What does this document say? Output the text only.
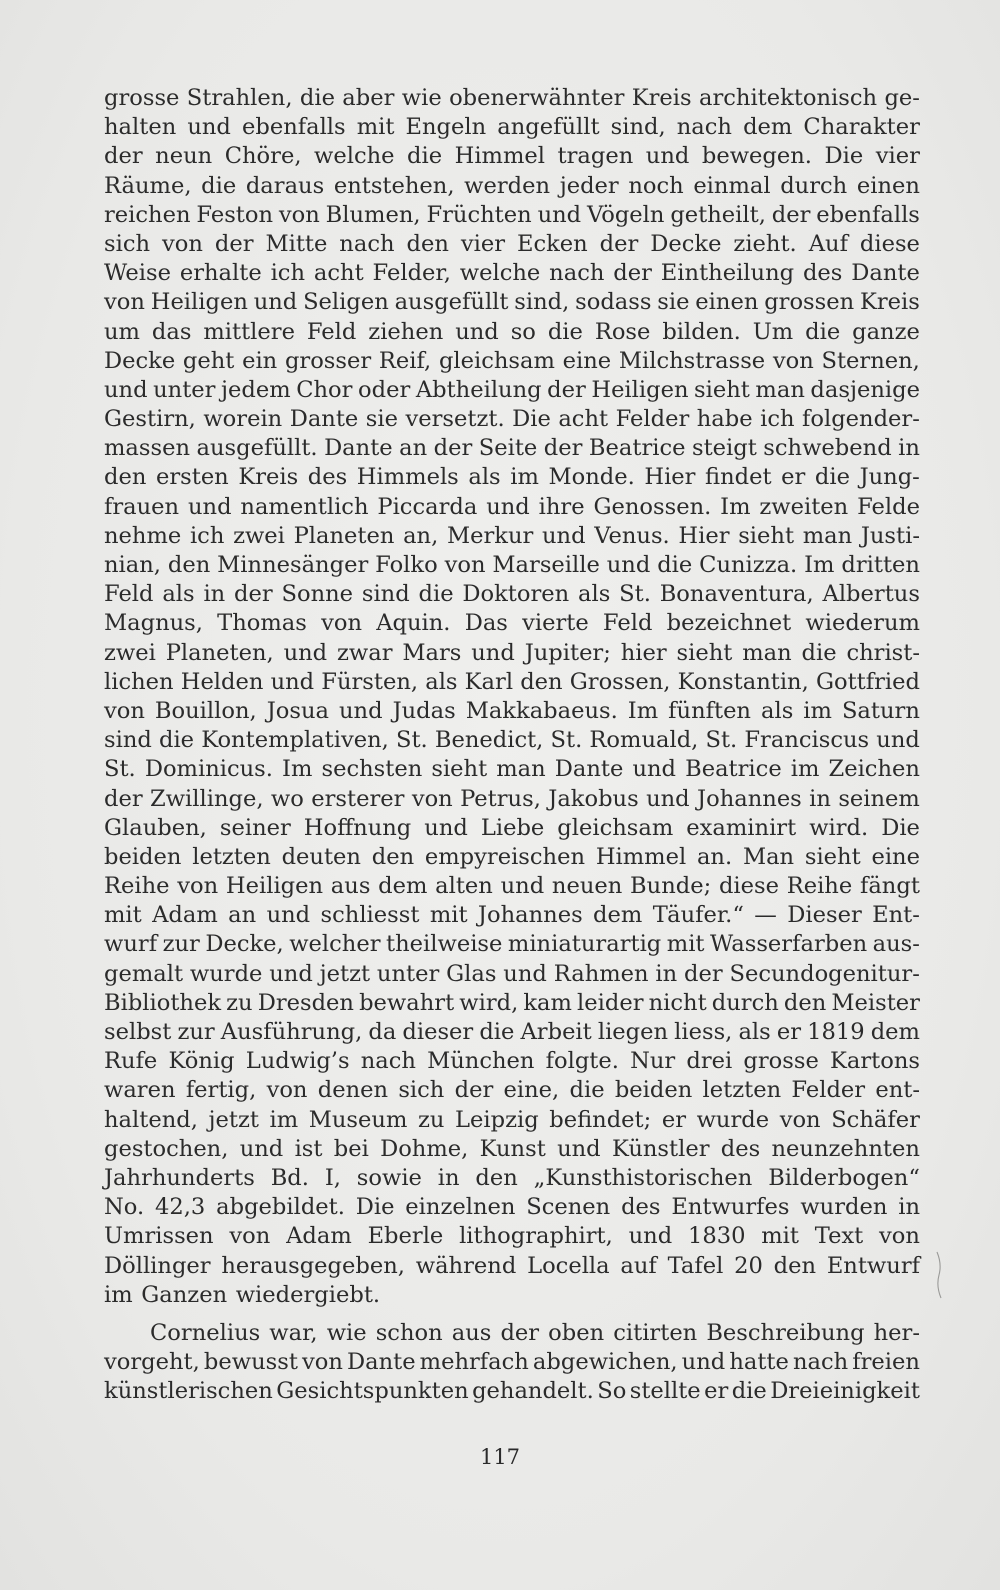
grosse Strahlen, die aber wie obenerwähnter Kreis architektonisch ge-
halten und ebenfalls mit Engeln angefüllt sind, nach dem Charakter
der neun Chöre, welche die Himmel tragen und bewegen. Die vier
Räume, die daraus entstehen, werden jeder noch einmal durch einen
reichen Feston von Blumen, Früchten und Vögeln getheilt, der ebenfalls
sich von der Mitte nach den vier Ecken der Decke zieht. Auf diese
Weise erhalte ich acht Felder, welche nach der Eintheilung des Dante
von Heiligen und Seligen ausgefüllt sind, sodass sie einen grossen Kreis
um das mittlere Feld ziehen und so die Rose bilden. Um die ganze
Decke geht ein grosser Reif, gleichsam eine Milchstrasse von Sternen,
und unter jedem Chor oder Abtheilung der Heiligen sieht man dasjenige
Gestirn, worein Dante sie versetzt. Die acht Felder habe ich folgender-
massen ausgefüllt. Dante an der Seite der Beatrice steigt schwebend in
den ersten Kreis des Himmels als im Monde. Hier findet er die Jung-
frauen und namentlich Piccarda und ihre Genossen. Im zweiten Felde
nehme ich zwei Planeten an, Merkur und Venus. Hier sieht man Justi-
nian, den Minnesänger Folko von Marseille und die Cunizza. Im dritten
Feld als in der Sonne sind die Doktoren als St. Bonaventura, Albertus
Magnus, Thomas von Aquin. Das vierte Feld bezeichnet wiederum
zwei Planeten, und zwar Mars und Jupiter; hier sieht man die christ-
lichen Helden und Fürsten, als Karl den Grossen, Konstantin, Gottfried
von Bouillon, Josua und Judas Makkabaeus. Im fünften als im Saturn
sind die Kontemplativen, St. Benedict, St. Romuald, St. Franciscus und
St. Dominicus. Im sechsten sieht man Dante und Beatrice im Zeichen
der Zwillinge, wo ersterer von Petrus, Jakobus und Johannes in seinem
Glauben, seiner Hoffnung und Liebe gleichsam examinirt wird. Die
beiden letzten deuten den empyreischen Himmel an. Man sieht eine
Reihe von Heiligen aus dem alten und neuen Bunde; diese Reihe fängt
mit Adam an und schliesst mit Johannes dem Täufer.“ — Dieser Ent-
wurf zur Decke, welcher theilweise miniaturartig mit Wasserfarben aus-
gemalt wurde und jetzt unter Glas und Rahmen in der Secundogenitur-
Bibliothek zu Dresden bewahrt wird, kam leider nicht durch den Meister
selbst zur Ausführung, da dieser die Arbeit liegen liess, als er 1819 dem
Rufe König Ludwig’s nach München folgte. Nur drei grosse Kartons
waren fertig, von denen sich der eine, die beiden letzten Felder ent-
haltend, jetzt im Museum zu Leipzig befindet; er wurde von Schäfer
gestochen, und ist bei Dohme, Kunst und Künstler des neunzehnten
Jahrhunderts Bd. I, sowie in den „Kunsthistorischen Bilderbogen“
No. 42,3 abgebildet. Die einzelnen Scenen des Entwurfes wurden in
Umrissen von Adam Eberle lithographirt, und 1830 mit Text von
Döllinger herausgegeben, während Locella auf Tafel 20 den Entwurf
im Ganzen wiedergiebt.
Cornelius war, wie schon aus der oben citirten Beschreibung her-
vorgeht, bewusst von Dante mehrfach abgewichen, und hatte nach freien
künstlerischen Gesichtspunkten gehandelt. So stellte er die Dreieinigkeit
117
